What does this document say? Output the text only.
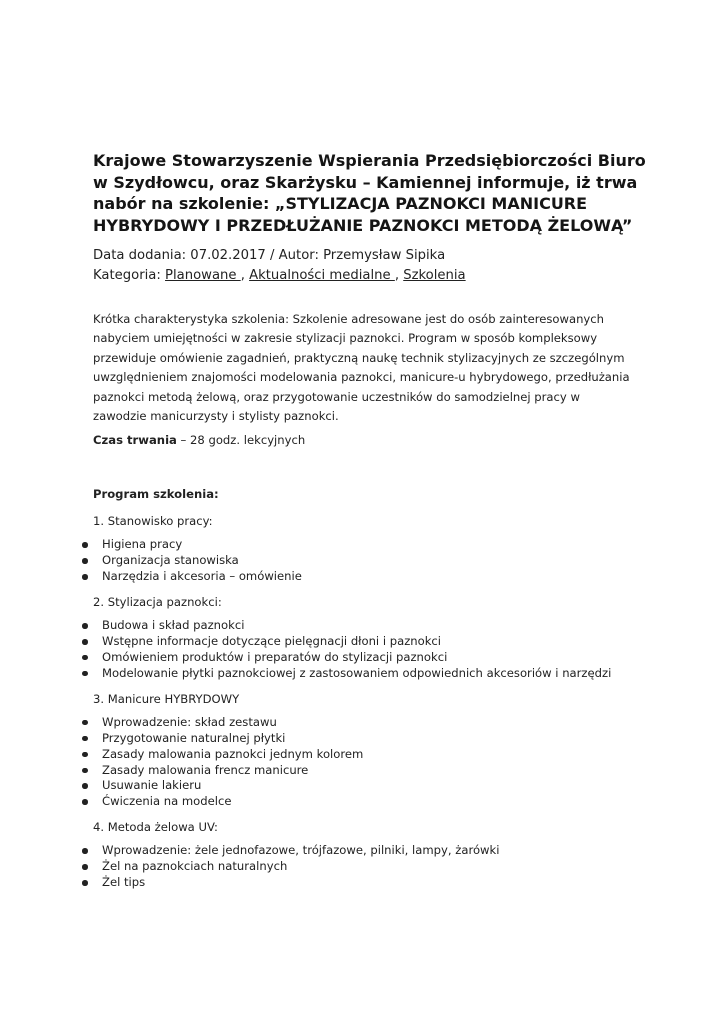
Krajowe Stowarzyszenie Wspierania Przedsiębiorczości Biuro w Szydłowcu, oraz Skarżysku – Kamiennej informuje, iż trwa nabór na szkolenie: „STYLIZACJA PAZNOKCI MANICURE HYBRYDOWY I PRZEDŁUŻANIE PAZNOKCI METODĄ ŻELOWĄ”
Data dodania: 07.02.2017 / Autor: Przemysław Sipika
Kategoria: Planowane , Aktualności medialne , Szkolenia

Krótka charakterystyka szkolenia: Szkolenie adresowane jest do osób zainteresowanych nabyciem umiejętności w zakresie stylizacji paznokci. Program w sposób kompleksowy przewiduje omówienie zagadnień, praktyczną naukę technik stylizacyjnych ze szczególnym uwzględnieniem znajomości modelowania paznokci, manicure-u hybrydowego, przedłużania paznokci metodą żelową, oraz przygotowanie uczestników do samodzielnej pracy w zawodzie manicurzysty i stylisty paznokci.

Czas trwania – 28 godz. lekcyjnych

Program szkolenia:

1. Stanowisko pracy:

Higiena pracy
Organizacja stanowiska
Narzędzia i akcesoria – omówienie

2. Stylizacja paznokci:

Budowa i skład paznokci
Wstępne informacje dotyczące pielęgnacji dłoni i paznokci
Omówieniem produktów i preparatów do stylizacji paznokci
Modelowanie płytki paznokciowej z zastosowaniem odpowiednich akcesoriów i narzędzi

3. Manicure HYBRYDOWY

Wprowadzenie: skład zestawu
Przygotowanie naturalnej płytki
Zasady malowania paznokci jednym kolorem
Zasady malowania frencz manicure
Usuwanie lakieru
Ćwiczenia na modelce

4. Metoda żelowa UV:

Wprowadzenie: żele jednofazowe, trójfazowe, pilniki, lampy, żarówki
Żel na paznokciach naturalnych
Żel tips
